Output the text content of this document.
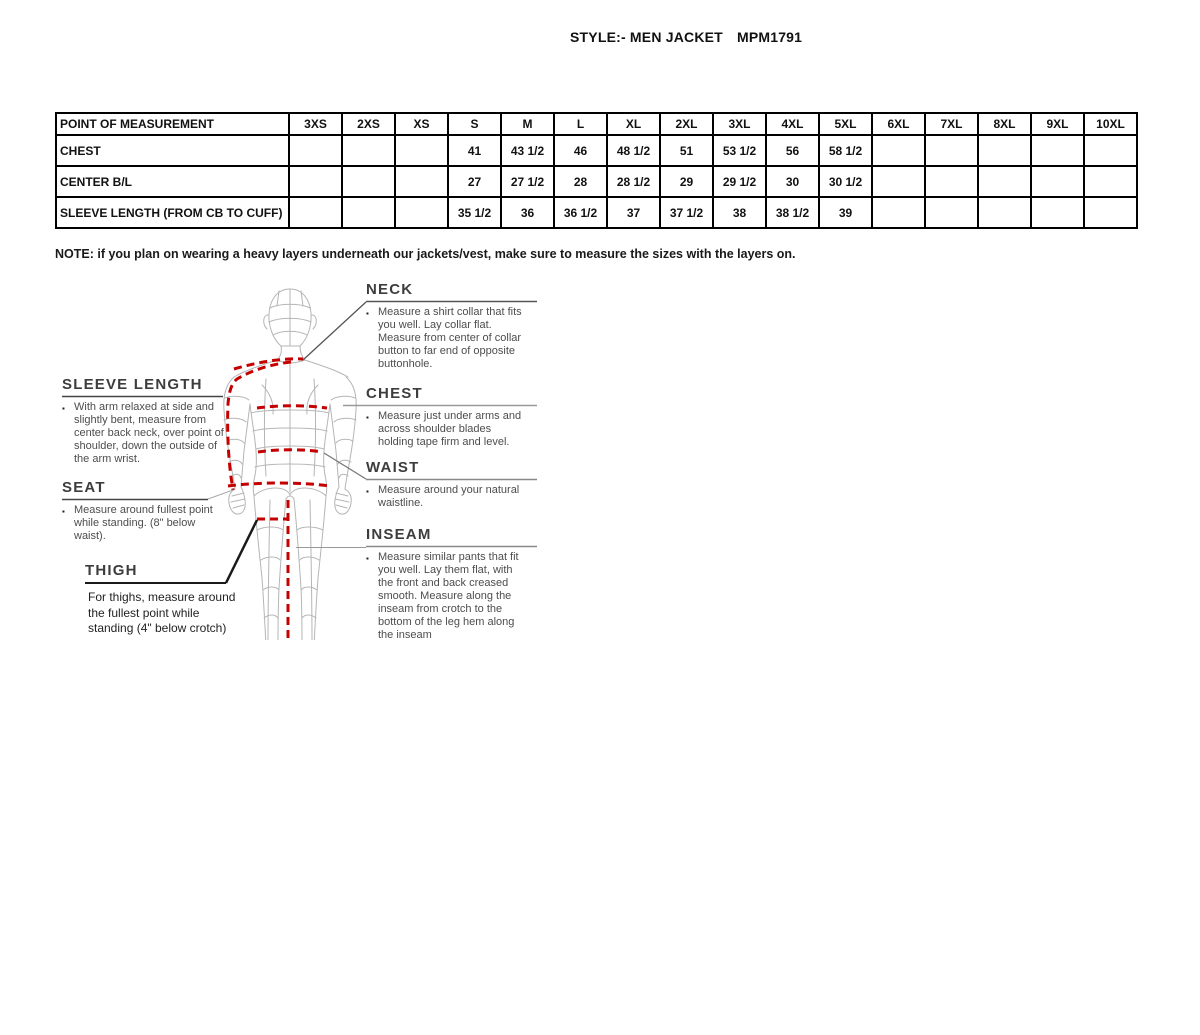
STYLE:- MEN JACKET MPM1791
POINT OF MEASUREMENT	3XS	2XS	XS	S	M	L	XL	2XL	3XL	4XL	5XL	6XL	7XL	8XL	9XL	10XL
CHEST				41	43 1/2	46	48 1/2	51	53 1/2	56	58 1/2					
CENTER B/L				27	27 1/2	28	28 1/2	29	29 1/2	30	30 1/2					
SLEEVE LENGTH (FROM CB TO CUFF)				35 1/2	36	36 1/2	37	37 1/2	38	38 1/2	39					
NOTE: if you plan on wearing a heavy layers underneath our jackets/vest, make sure to measure the sizes with the layers on.
NECK
▪ Measure a shirt collar that fits you well. Lay collar flat. Measure from center of collar button to far end of opposite buttonhole.
CHEST
▪ Measure just under arms and across shoulder blades holding tape firm and level.
WAIST
▪ Measure around your natural waistline.
INSEAM
▪ Measure similar pants that fit you well. Lay them flat, with the front and back creased smooth. Measure along the inseam from crotch to the bottom of the leg hem along the inseam
SLEEVE LENGTH
▪ With arm relaxed at side and slightly bent, measure from center back neck, over point of shoulder, down the outside of the arm wrist.
SEAT
▪ Measure around fullest point while standing. (8" below waist).
THIGH
For thighs, measure around the fullest point while standing (4" below crotch)
